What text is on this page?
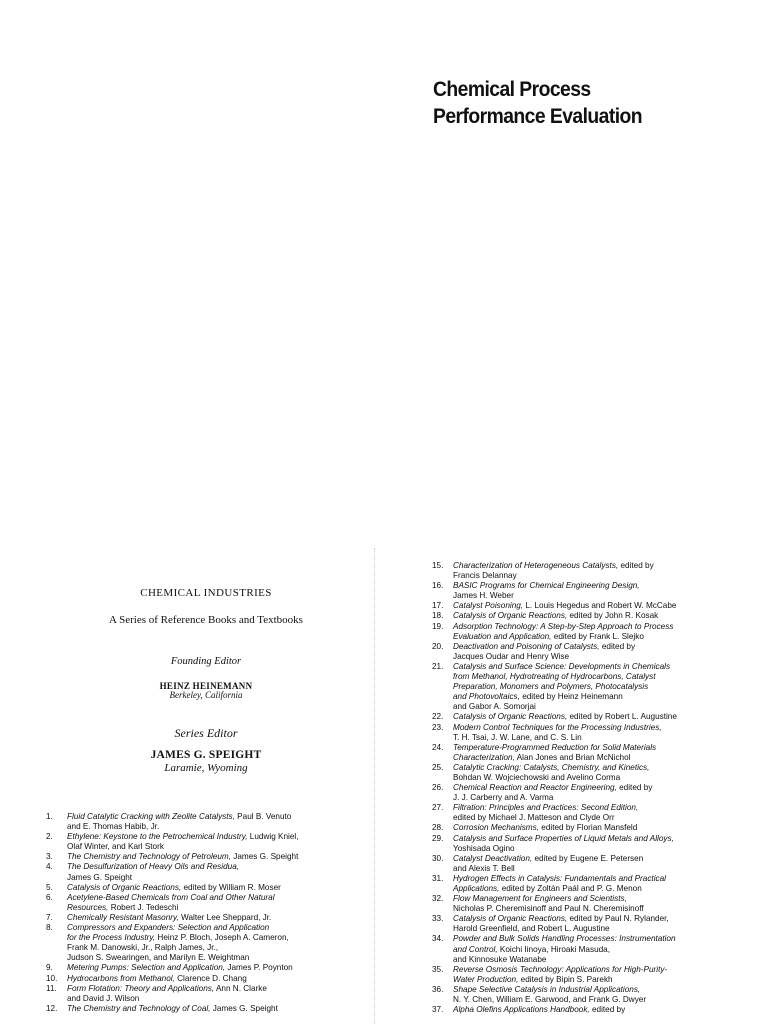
Chemical Process
Performance Evaluation
CHEMICAL INDUSTRIES
A Series of Reference Books and Textbooks
Founding Editor
HEINZ HEINEMANN
Berkeley, California
Series Editor
JAMES G. SPEIGHT
Laramie, Wyoming
1. Fluid Catalytic Cracking with Zeolite Catalysts, Paul B. Venuto
and E. Thomas Habib, Jr.
2. Ethylene: Keystone to the Petrochemical Industry, Ludwig Kniel,
Olaf Winter, and Karl Stork
3. The Chemistry and Technology of Petroleum, James G. Speight
4. The Desulfurization of Heavy Oils and Residua,
James G. Speight
5. Catalysis of Organic Reactions, edited by William R. Moser
6. Acetylene-Based Chemicals from Coal and Other Natural
Resources, Robert J. Tedeschi
7. Chemically Resistant Masonry, Walter Lee Sheppard, Jr.
8. Compressors and Expanders: Selection and Application
for the Process Industry, Heinz P. Bloch, Joseph A. Cameron,
Frank M. Danowski, Jr., Ralph James, Jr.,
Judson S. Swearingen, and Marilyn E. Weightman
9. Metering Pumps: Selection and Application, James P. Poynton
10. Hydrocarbons from Methanol, Clarence D. Chang
11. Form Flotation: Theory and Applications, Ann N. Clarke
and David J. Wilson
12. The Chemistry and Technology of Coal, James G. Speight
15. Characterization of Heterogeneous Catalysts, edited by
Francis Delannay
16. BASIC Programs for Chemical Engineering Design,
James H. Weber
17. Catalyst Poisoning, L. Louis Hegedus and Robert W. McCabe
18. Catalysis of Organic Reactions, edited by John R. Kosak
19. Adsorption Technology: A Step-by-Step Approach to Process
Evaluation and Application, edited by Frank L. Slejko
20. Deactivation and Poisoning of Catalysts, edited by
Jacques Oudar and Henry Wise
21. Catalysis and Surface Science: Developments in Chemicals
from Methanol, Hydrotreating of Hydrocarbons, Catalyst
Preparation, Monomers and Polymers, Photocatalysis
and Photovoltaics, edited by Heinz Heinemann
and Gabor A. Somorjai
22. Catalysis of Organic Reactions, edited by Robert L. Augustine
23. Modern Control Techniques for the Processing Industries,
T. H. Tsai, J. W. Lane, and C. S. Lin
24. Temperature-Programmed Reduction for Solid Materials
Characterization, Alan Jones and Brian McNichol
25. Catalytic Cracking: Catalysts, Chemistry, and Kinetics,
Bohdan W. Wojciechowski and Avelino Corma
26. Chemical Reaction and Reactor Engineering, edited by
J. J. Carberry and A. Varma
27. Filtration: Principles and Practices: Second Edition,
edited by Michael J. Matteson and Clyde Orr
28. Corrosion Mechanisms, edited by Florian Mansfeld
29. Catalysis and Surface Properties of Liquid Metals and Alloys,
Yoshisada Ogino
30. Catalyst Deactivation, edited by Eugene E. Petersen
and Alexis T. Bell
31. Hydrogen Effects in Catalysis: Fundamentals and Practical
Applications, edited by Zoltán Paál and P. G. Menon
32. Flow Management for Engineers and Scientists,
Nicholas P. Cheremisinoff and Paul N. Cheremisinoff
33. Catalysis of Organic Reactions, edited by Paul N. Rylander,
Harold Greenfield, and Robert L. Augustine
34. Powder and Bulk Solids Handling Processes: Instrumentation
and Control, Koichi Iinoya, Hiroaki Masuda,
and Kinnosuke Watanabe
35. Reverse Osmosis Technology: Applications for High-Purity-
Water Production, edited by Bipin S. Parekh
36. Shape Selective Catalysis in Industrial Applications,
N. Y. Chen, William E. Garwood, and Frank G. Dwyer
37. Alpha Olefins Applications Handbook, edited by
